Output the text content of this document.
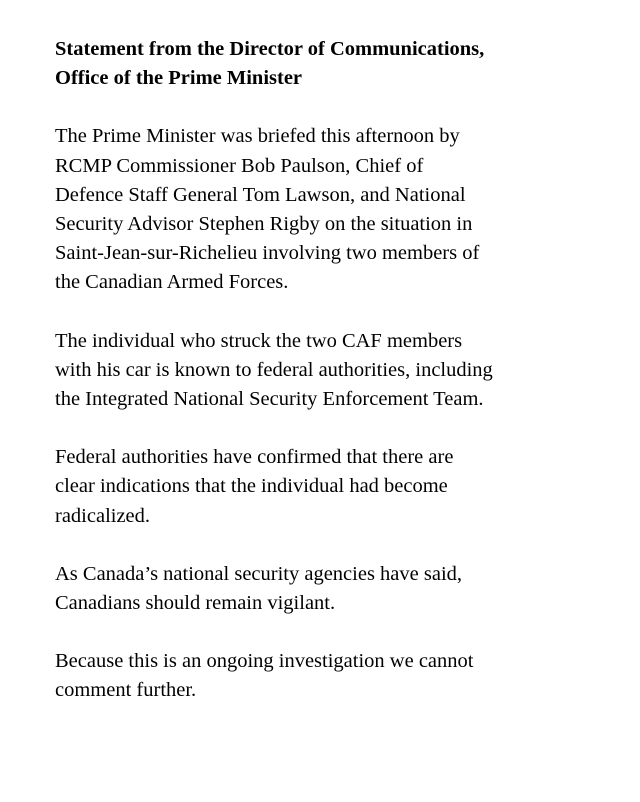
Statement from the Director of Communications, Office of the Prime Minister

The Prime Minister was briefed this afternoon by RCMP Commissioner Bob Paulson, Chief of Defence Staff General Tom Lawson, and National Security Advisor Stephen Rigby on the situation in Saint-Jean-sur-Richelieu involving two members of the Canadian Armed Forces.

The individual who struck the two CAF members with his car is known to federal authorities, including the Integrated National Security Enforcement Team.

Federal authorities have confirmed that there are clear indications that the individual had become radicalized.

As Canada’s national security agencies have said, Canadians should remain vigilant.

Because this is an ongoing investigation we cannot comment further.
